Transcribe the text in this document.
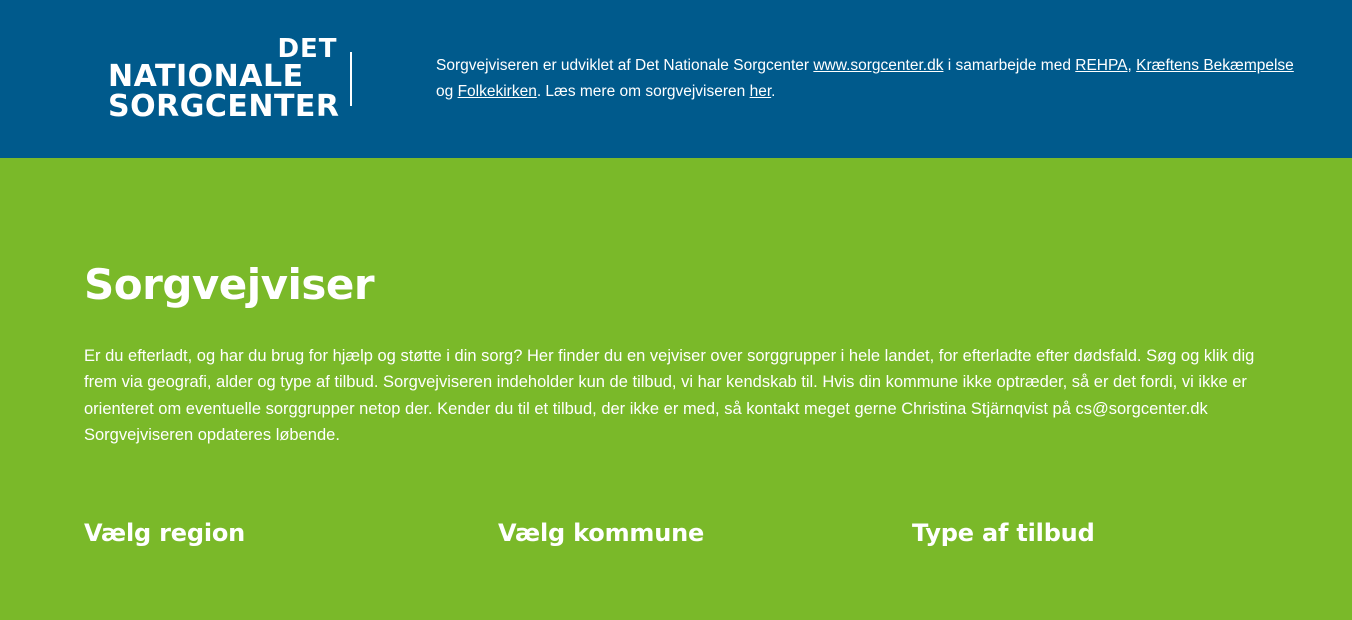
DET
NATIONALE
SORGCENTER
Sorgvejviseren er udviklet af Det Nationale Sorgcenter www.sorgcenter.dk i samarbejde med REHPA, Kræftens Bekæmpelse og Folkekirken. Læs mere om sorgvejviseren her.
Sorgvejviser

Er du efterladt, og har du brug for hjælp og støtte i din sorg? Her finder du en vejviser over sorggrupper i hele landet, for efterladte efter dødsfald. Søg og klik dig frem via geografi, alder og type af tilbud. Sorgvejviseren indeholder kun de tilbud, vi har kendskab til. Hvis din kommune ikke optræder, så er det fordi, vi ikke er orienteret om eventuelle sorggrupper netop der. Kender du til et tilbud, der ikke er med, så kontakt meget gerne Christina Stjärnqvist på cs@sorgcenter.dk Sorgvejviseren opdateres løbende.

Vælg region	Vælg kommune	Type af tilbud
